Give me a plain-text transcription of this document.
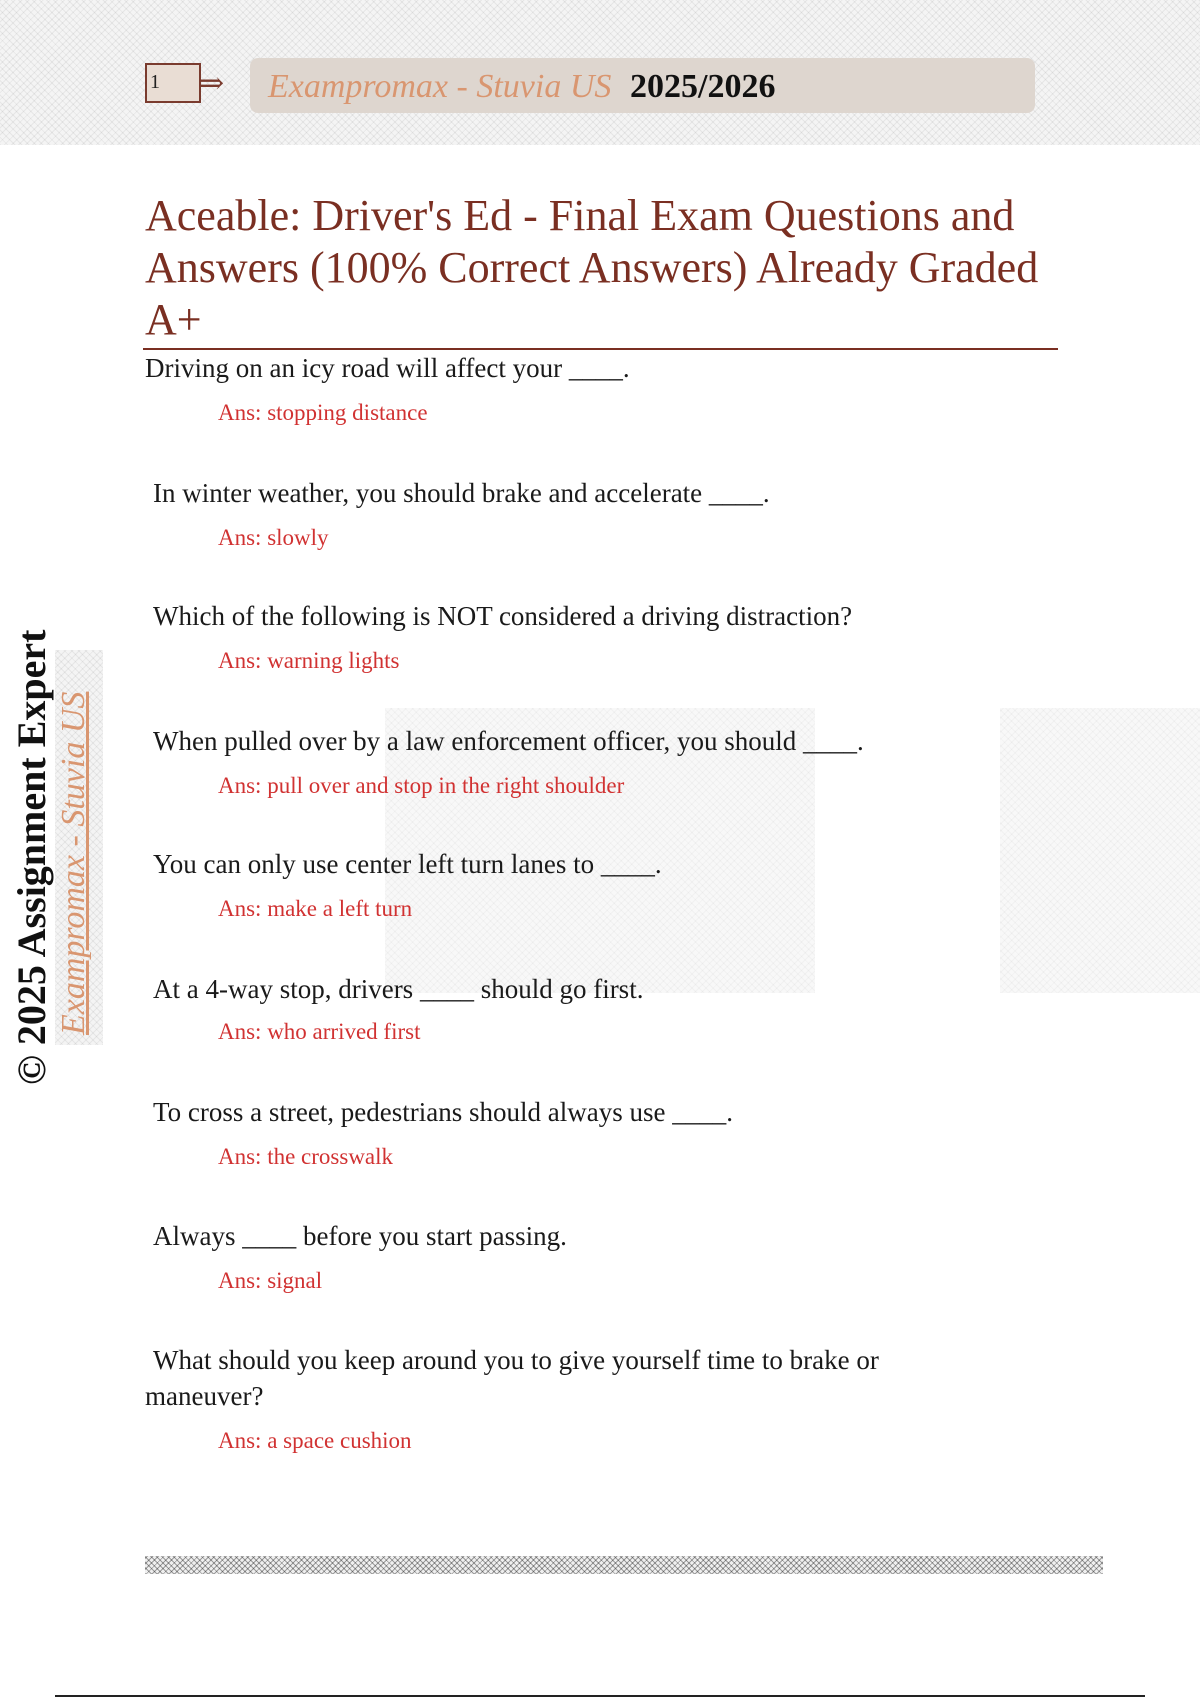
1 ⇒ Exampromax - Stuvia US 2025/2026
Aceable: Driver's Ed - Final Exam Questions and Answers (100% Correct Answers) Already Graded A+
© 2025 Assignment Expert Exampromax - Stuvia US
Driving on an icy road will affect your ____.
Ans: stopping distance
In winter weather, you should brake and accelerate ____.
Ans: slowly
Which of the following is NOT considered a driving distraction?
Ans: warning lights
When pulled over by a law enforcement officer, you should ____.
Ans: pull over and stop in the right shoulder
You can only use center left turn lanes to ____.
Ans: make a left turn
At a 4-way stop, drivers ____ should go first.
Ans: who arrived first
To cross a street, pedestrians should always use ____.
Ans: the crosswalk
Always ____ before you start passing.
Ans: signal
What should you keep around you to give yourself time to brake or maneuver?
Ans: a space cushion
